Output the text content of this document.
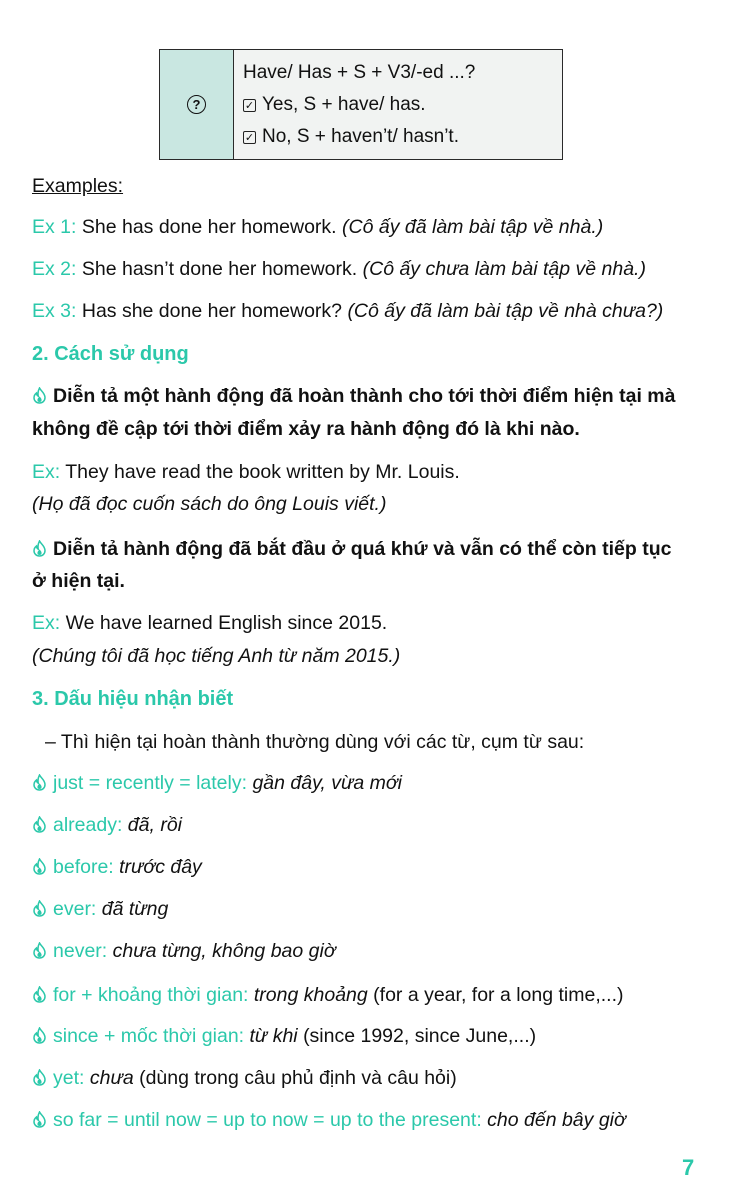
?
Have/ Has + S + V3/-ed ...?
✓ Yes, S + have/ has.
✓ No, S + haven’t/ hasn’t.
Examples:
Ex 1: She has done her homework. (Cô ấy đã làm bài tập về nhà.)
Ex 2: She hasn’t done her homework. (Cô ấy chưa làm bài tập về nhà.)
Ex 3: Has she done her homework? (Cô ấy đã làm bài tập về nhà chưa?)
2. Cách sử dụng
Diễn tả một hành động đã hoàn thành cho tới thời điểm hiện tại mà
không đề cập tới thời điểm xảy ra hành động đó là khi nào.
Ex: They have read the book written by Mr. Louis.
(Họ đã đọc cuốn sách do ông Louis viết.)
Diễn tả hành động đã bắt đầu ở quá khứ và vẫn có thể còn tiếp tục
ở hiện tại.
Ex: We have learned English since 2015.
(Chúng tôi đã học tiếng Anh từ năm 2015.)
3. Dấu hiệu nhận biết
– Thì hiện tại hoàn thành thường dùng với các từ, cụm từ sau:
just = recently = lately: gần đây, vừa mới
already: đã, rồi
before: trước đây
ever: đã từng
never: chưa từng, không bao giờ
for + khoảng thời gian: trong khoảng (for a year, for a long time,...)
since + mốc thời gian: từ khi (since 1992, since June,...)
yet: chưa (dùng trong câu phủ định và câu hỏi)
so far = until now = up to now = up to the present: cho đến bây giờ
7
